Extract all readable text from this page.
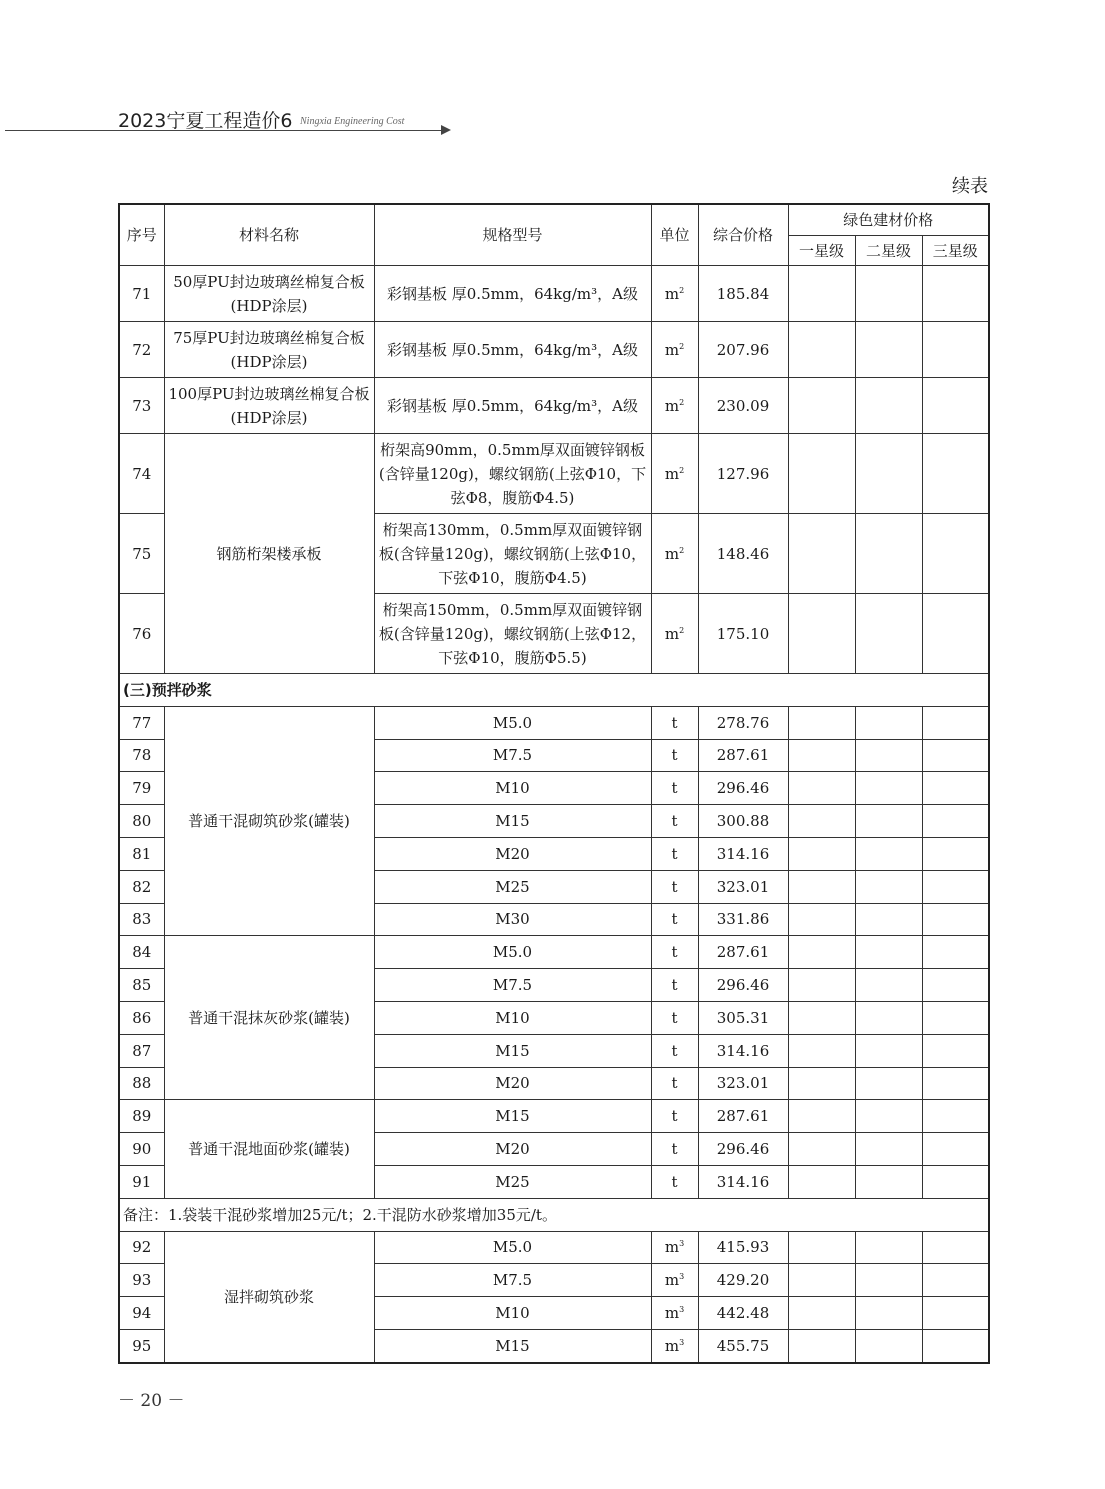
2023宁夏工程造价6 Ningxia Engineering Cost
续表
序号	材料名称	规格型号	单位	综合价格	绿色建材价格		
					一星级	二星级	三星级
71	50厚PU封边玻璃丝棉复合板(HDP涂层)	彩钢基板 厚0.5mm，64kg/m³，A级	$m^2$	185.84			
72	75厚PU封边玻璃丝棉复合板(HDP涂层)	彩钢基板 厚0.5mm，64kg/m³，A级	$m^2$	207.96			
73	100厚PU封边玻璃丝棉复合板(HDP涂层)	彩钢基板 厚0.5mm，64kg/m³，A级	$m^2$	230.09			
74	钢筋桁架楼承板	桁架高90mm，0.5mm厚双面镀锌钢板(含锌量120g)，螺纹钢筋(上弦Φ10，下弦Φ8，腹筋Φ4.5)	$m^2$	127.96			
75		桁架高130mm，0.5mm厚双面镀锌钢板(含锌量120g)，螺纹钢筋(上弦Φ10，下弦Φ10，腹筋Φ4.5)	$m^2$	148.46			
76		桁架高150mm，0.5mm厚双面镀锌钢板(含锌量120g)，螺纹钢筋(上弦Φ12，下弦Φ10，腹筋Φ5.5)	$m^2$	175.10			
(三)预拌砂浆							
77	普通干混砌筑砂浆(罐装)	M5.0	t	278.76			
78		M7.5	t	287.61			
79		M10	t	296.46			
80		M15	t	300.88			
81		M20	t	314.16			
82		M25	t	323.01			
83		M30	t	331.86			
84	普通干混抹灰砂浆(罐装)	M5.0	t	287.61			
85		M7.5	t	296.46			
86		M10	t	305.31			
87		M15	t	314.16			
88		M20	t	323.01			
89	普通干混地面砂浆(罐装)	M15	t	287.61			
90		M20	t	296.46			
91		M25	t	314.16			
备注：1.袋装干混砂浆增加25元/t；2.干混防水砂浆增加35元/t。							
92	湿拌砌筑砂浆	M5.0	$m^3$	415.93			
93		M7.5	$m^3$	429.20			
94		M10	$m^3$	442.48			
95		M15	$m^3$	455.75			
－ 20 －
